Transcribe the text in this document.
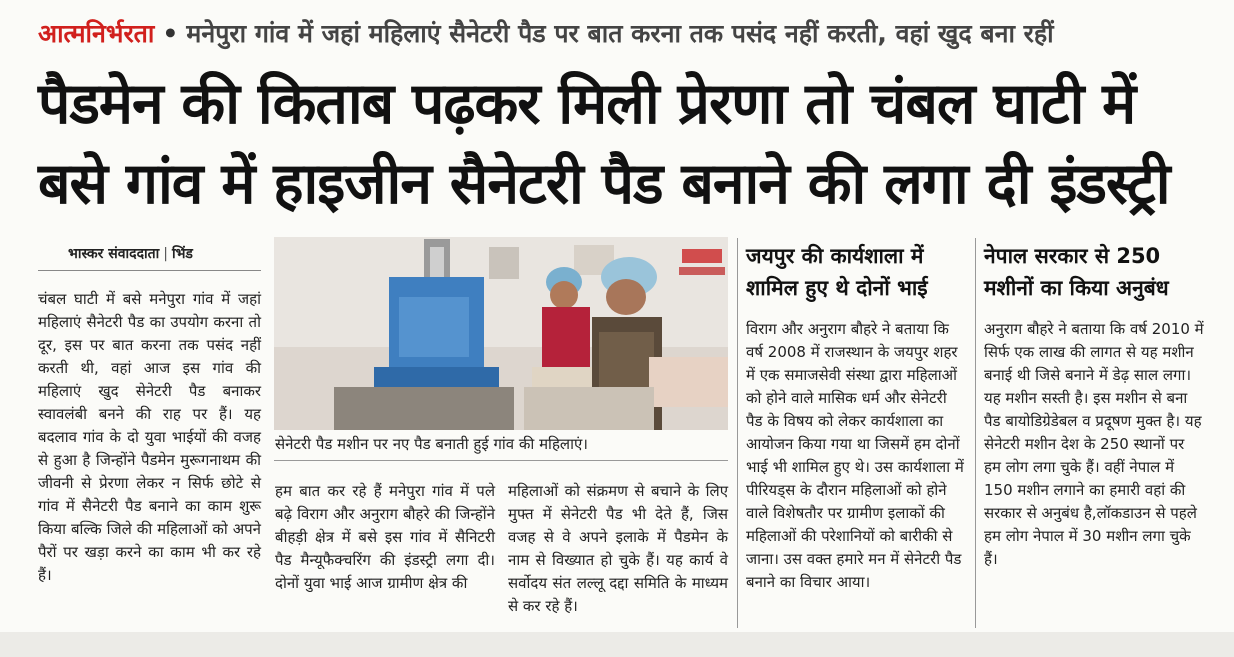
आत्मनिर्भरता • मनेपुरा गांव में जहां महिलाएं सैनेटरी पैड पर बात करना तक पसंद नहीं करती, वहां खुद बना रहीं
पैडमेन की किताब पढ़कर मिली प्रेरणा तो चंबल घाटी में
बसे गांव में हाइजीन सैनेटरी पैड बनाने की लगा दी इंडस्ट्री
भास्कर संवाददाता | भिंड

चंबल घाटी में बसे मनेपुरा गांव में जहां महिलाएं सैनेटरी पैड का उपयोग करना तो दूर, इस पर बात करना तक पसंद नहीं करती थी, वहां आज इस गांव की महिलाएं खुद सेनेटरी पैड बनाकर स्वावलंबी बनने की राह पर हैं। यह बदलाव गांव के दो युवा भाईयों की वजह से हुआ है जिन्होंने पैडमेन मुरूगनाथम की जीवनी से प्रेरणा लेकर न सिर्फ छोटे से गांव में सैनेटरी पैड बनाने का काम शुरू किया बल्कि जिले की महिलाओं को अपने पैरों पर खड़ा करने का काम भी कर रहे हैं।

सेनेटरी पैड मशीन पर नए पैड बनाती हुई गांव की महिलाएं।

हम बात कर रहे हैं मनेपुरा गांव में पले बढ़े विराग और अनुराग बौहरे की जिन्होंने बीहड़ी क्षेत्र में बसे इस गांव में सैनिटरी पैड मैन्यूफैक्चरिंग की इंडस्ट्री लगा दी। दोनों युवा भाई आज ग्रामीण क्षेत्र की

महिलाओं को संक्रमण से बचाने के लिए मुफ्त में सेनेटरी पैड भी देते हैं, जिस वजह से वे अपने इलाके में पैडमेन के नाम से विख्यात हो चुके हैं। यह कार्य वे सर्वोदय संत लल्लू दद्दा समिति के माध्यम से कर रहे हैं।

जयपुर की कार्यशाला में शामिल हुए थे दोनों भाई

विराग और अनुराग बौहरे ने बताया कि वर्ष 2008 में राजस्थान के जयपुर शहर में एक समाजसेवी संस्था द्वारा महिलाओं को होने वाले मासिक धर्म और सेनेटरी पैड के विषय को लेकर कार्यशाला का आयोजन किया गया था जिसमें हम दोनों भाई भी शामिल हुए थे। उस कार्यशाला में पीरियड्स के दौरान महिलाओं को होने वाले विशेषतौर पर ग्रामीण इलाकों की महिलाओं की परेशानियों को बारीकी से जाना। उस वक्त हमारे मन में सेनेटरी पैड बनाने का विचार आया।

नेपाल सरकार से 250 मशीनों का किया अनुबंध

अनुराग बौहरे ने बताया कि वर्ष 2010 में सिर्फ एक लाख की लागत से यह मशीन बनाई थी जिसे बनाने में डेढ़ साल लगा। यह मशीन सस्ती है। इस मशीन से बना पैड बायोडिग्रेडेबल व प्रदूषण मुक्त है। यह सेनेटरी मशीन देश के 250 स्थानों पर हम लोग लगा चुके हैं। वहीं नेपाल में 150 मशीन लगाने का हमारी वहां की सरकार से अनुबंध है,लॉकडाउन से पहले हम लोग नेपाल में 30 मशीन लगा चुके हैं।
